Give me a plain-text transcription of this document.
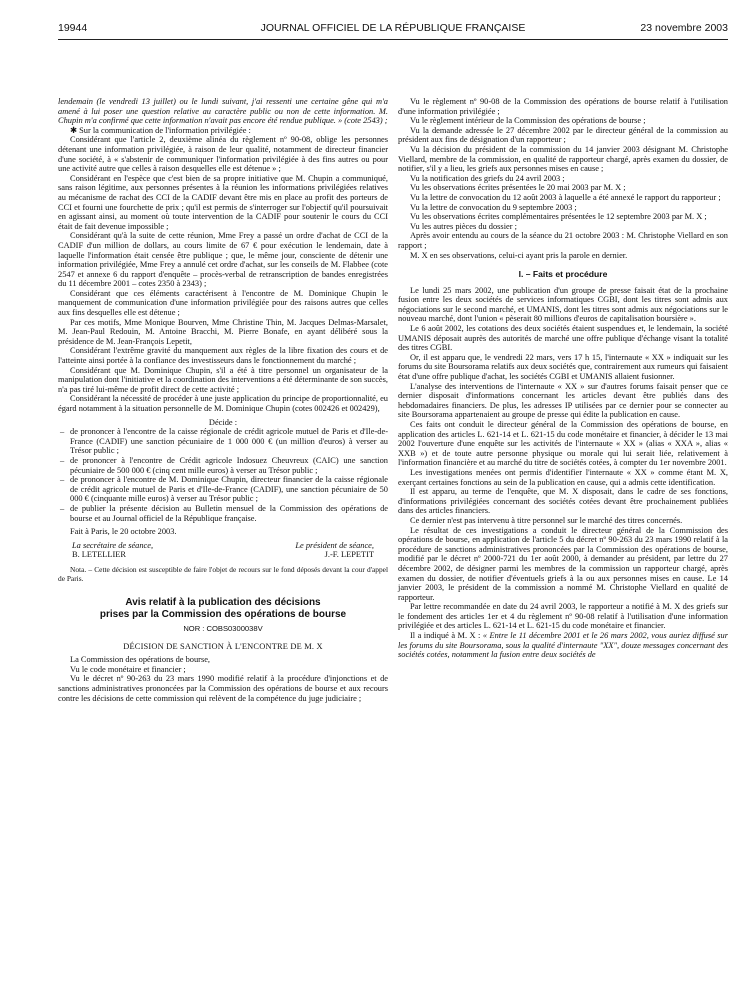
19944	JOURNAL OFFICIEL DE LA RÉPUBLIQUE FRANÇAISE	23 novembre 2003

lendemain (le vendredi 13 juillet) ou le lundi suivant, j'ai ressenti une certaine gêne qui m'a amené à lui poser une question relative au caractère public ou non de cette information. M. Chupin m'a confirmé que cette information n'avait pas encore été rendue publique. » (cote 2543) ;

✱ Sur la communication de l'information privilégiée :

Considérant que l'article 2, deuxième alinéa du règlement nº 90-08, oblige les personnes détenant une information privilégiée, à raison de leur qualité, notamment de directeur financier d'une société, à « s'abstenir de communiquer l'information privilégiée à des fins autres ou pour une activité autre que celles à raison desquelles elle est détenue » ;

Considérant en l'espèce que c'est bien de sa propre initiative que M. Chupin a communiqué, sans raison légitime, aux personnes présentes à la réunion les informations privilégiées relatives au mécanisme de rachat des CCI de la CADIF devant être mis en place au profit des porteurs de CCI et fourni une fourchette de prix ; qu'il est permis de s'interroger sur l'objectif qu'il poursuivait en agissant ainsi, au moment où toute intervention de la CADIF pour soutenir le cours du CCI était de fait devenue impossible ;

Considérant qu'à la suite de cette réunion, Mme Frey a passé un ordre d'achat de CCI de la CADIF d'un million de dollars, au cours limite de 67 € pour exécution le lendemain, date à laquelle l'information était censée être publique ; que, le même jour, consciente de détenir une information privilégiée, Mme Frey a annulé cet ordre d'achat, sur les conseils de M. Flabbee (cote 2547 et annexe 6 du rapport d'enquête – procès-verbal de retranscription de bandes enregistrées du 11 décembre 2001 – cotes 2350 à 2343) ;

Considérant que ces éléments caractérisent à l'encontre de M. Dominique Chupin le manquement de communication d'une information privilégiée pour des raisons autres que celles aux fins desquelles elle est détenue ;

Par ces motifs, Mme Monique Bourven, Mme Christine Thin, M. Jacques Delmas-Marsalet, M. Jean-Paul Redouin, M. Antoine Bracchi, M. Pierre Bonafe, en ayant délibéré sous la présidence de M. Jean-François Lepetit,

Considérant l'extrême gravité du manquement aux règles de la libre fixation des cours et de l'atteinte ainsi portée à la confiance des investisseurs dans le fonctionnement du marché ;

Considérant que M. Dominique Chupin, s'il a été à titre personnel un organisateur de la manipulation dont l'initiative et la coordination des interventions a été déterminante de son succès, n'a pas tiré lui-même de profit direct de cette activité ;

Considérant la nécessité de procéder à une juste application du principe de proportionnalité, eu égard notamment à la situation personnelle de M. Dominique Chupin (cotes 002426 et 002429),

Décide :

– de prononcer à l'encontre de la caisse régionale de crédit agricole mutuel de Paris et d'Ile-de-France (CADIF) une sanction pécuniaire de 1 000 000 € (un million d'euros) à verser au Trésor public ;
– de prononcer à l'encontre de Crédit agricole Indosuez Cheuvreux (CAIC) une sanction pécuniaire de 500 000 € (cinq cent mille euros) à verser au Trésor public ;
– de prononcer à l'encontre de M. Dominique Chupin, directeur financier de la caisse régionale de crédit agricole mutuel de Paris et d'Ile-de-France (CADIF), une sanction pécuniaire de 50 000 € (cinquante mille euros) à verser au Trésor public ;
– de publier la présente décision au Bulletin mensuel de la Commission des opérations de bourse et au Journal officiel de la République française.

Fait à Paris, le 20 octobre 2003.

La secrétaire de séance,	Le président de séance,
B. LETELLIER	J.-F. LEPETIT

Nota. – Cette décision est susceptible de faire l'objet de recours sur le fond déposés devant la cour d'appel de Paris.

Avis relatif à la publication des décisions
prises par la Commission des opérations de bourse
NOR : COBS0300038V
DÉCISION DE SANCTION À L'ENCONTRE DE M. X

La Commission des opérations de bourse,

Vu le code monétaire et financier ;

Vu le décret nº 90-263 du 23 mars 1990 modifié relatif à la procédure d'injonctions et de sanctions administratives prononcées par la Commission des opérations de bourse et aux recours contre les décisions de cette commission qui relèvent de la compétence du juge judiciaire ;

Vu le règlement nº 90-08 de la Commission des opérations de bourse relatif à l'utilisation d'une information privilégiée ;

Vu le règlement intérieur de la Commission des opérations de bourse ;

Vu la demande adressée le 27 décembre 2002 par le directeur général de la commission au président aux fins de désignation d'un rapporteur ;

Vu la décision du président de la commission du 14 janvier 2003 désignant M. Christophe Viellard, membre de la commission, en qualité de rapporteur chargé, après examen du dossier, de notifier, s'il y a lieu, les griefs aux personnes mises en cause ;

Vu la notification des griefs du 24 avril 2003 ;

Vu les observations écrites présentées le 20 mai 2003 par M. X ;

Vu la lettre de convocation du 12 août 2003 à laquelle a été annexé le rapport du rapporteur ;

Vu la lettre de convocation du 9 septembre 2003 ;

Vu les observations écrites complémentaires présentées le 12 septembre 2003 par M. X ;

Vu les autres pièces du dossier ;

Après avoir entendu au cours de la séance du 21 octobre 2003 : M. Christophe Viellard en son rapport ;

M. X en ses observations, celui-ci ayant pris la parole en dernier.

I. – Faits et procédure

Le lundi 25 mars 2002, une publication d'un groupe de presse faisait état de la prochaine fusion entre les deux sociétés de services informatiques CGBI, dont les titres sont admis aux négociations sur le second marché, et UMANIS, dont les titres sont admis aux négociations sur le nouveau marché, dont l'union « pèserait 80 millions d'euros de capitalisation boursière ».

Le 6 août 2002, les cotations des deux sociétés étaient suspendues et, le lendemain, la société UMANIS déposait auprès des autorités de marché une offre publique d'échange visant la totalité des titres CGBI.

Or, il est apparu que, le vendredi 22 mars, vers 17 h 15, l'internaute « XX » indiquait sur les forums du site Boursorama relatifs aux deux sociétés que, contrairement aux rumeurs qui faisaient état d'une offre publique d'achat, les sociétés CGBI et UMANIS allaient fusionner.

L'analyse des interventions de l'internaute « XX » sur d'autres forums faisait penser que ce dernier disposait d'informations concernant les articles devant être publiés dans des hebdomadaires financiers. De plus, les adresses IP utilisées par ce dernier pour se connecter au site Boursorama appartenaient au groupe de presse qui édite la publication en cause.

Ces faits ont conduit le directeur général de la Commission des opérations de bourse, en application des articles L. 621-14 et L. 621-15 du code monétaire et financier, à décider le 13 mai 2002 l'ouverture d'une enquête sur les activités de l'internaute « XX » (alias « XXA », alias « XXB ») et de toute autre personne physique ou morale qui lui serait liée, relativement à l'information financière et au marché du titre de sociétés cotées, à compter du 1er novembre 2001.

Les investigations menées ont permis d'identifier l'internaute « XX » comme étant M. X, exerçant certaines fonctions au sein de la publication en cause, qui a admis cette identification.

Il est apparu, au terme de l'enquête, que M. X disposait, dans le cadre de ses fonctions, d'informations privilégiées concernant des sociétés cotées devant être prochainement publiées dans des articles financiers.

Ce dernier n'est pas intervenu à titre personnel sur le marché des titres concernés.

Le résultat de ces investigations a conduit le directeur général de la Commission des opérations de bourse, en application de l'article 5 du décret nº 90-263 du 23 mars 1990 relatif à la procédure de sanctions administratives prononcées par la Commission des opérations de bourse, modifié par le décret nº 2000-721 du 1er août 2000, à demander au président, par lettre du 27 décembre 2002, de désigner parmi les membres de la commission un rapporteur chargé, après examen du dossier, de notifier d'éventuels griefs à la ou aux personnes mises en cause. Le 14 janvier 2003, le président de la commission a nommé M. Christophe Viellard en qualité de rapporteur.

Par lettre recommandée en date du 24 avril 2003, le rapporteur a notifié à M. X des griefs sur le fondement des articles 1er et 4 du règlement nº 90-08 relatif à l'utilisation d'une information privilégiée et des articles L. 621-14 et L. 621-15 du code monétaire et financier.

Il a indiqué à M. X : « Entre le 11 décembre 2001 et le 26 mars 2002, vous auriez diffusé sur les forums du site Boursorama, sous la qualité d'internaute "XX", douze messages concernant des sociétés cotées, notamment la fusion entre deux sociétés de
